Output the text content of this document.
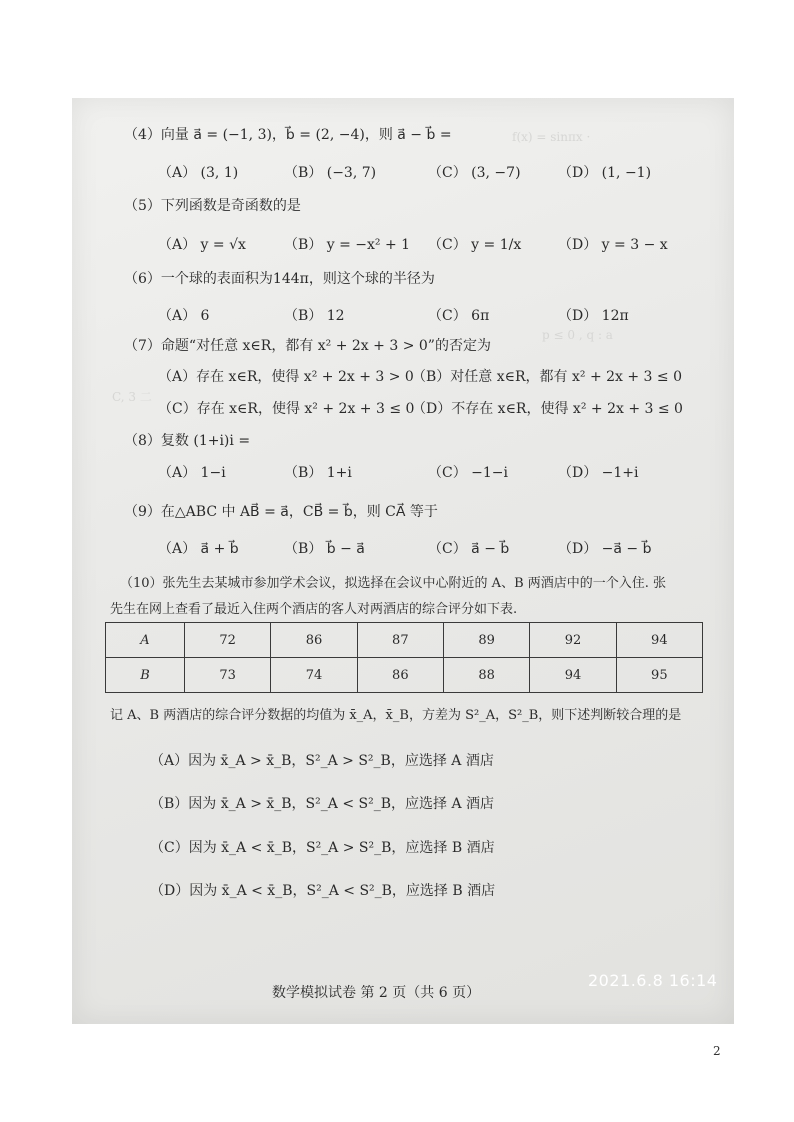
f(x) = sinπx ·
p ≤ 0 , q : a
C, 3 二
（4）向量 a⃗ = (−1, 3)，b⃗ = (2, −4)，则 a⃗ − b⃗ =
（A） (3, 1)	（B） (−3, 7)	（C） (3, −7)	（D） (1, −1)
（5）下列函数是奇函数的是
（A） y = √x	（B） y = −x² + 1 （C） y = 1/x	（D） y = 3 − x
（6）一个球的表面积为144π，则这个球的半径为
（A） 6	（B） 12	（C） 6π	（D） 12π
（7）命题“对任意 x∈R，都有 x² + 2x + 3 > 0”的否定为
（A）存在 x∈R，使得 x² + 2x + 3 > 0
（B）对任意 x∈R，都有 x² + 2x + 3 ≤ 0
（C）存在 x∈R，使得 x² + 2x + 3 ≤ 0
（D）不存在 x∈R，使得 x² + 2x + 3 ≤ 0
（8）复数 (1+i)i =
（A） 1−i	（B） 1+i	（C） −1−i	（D） −1+i
（9）在△ABC 中 AB⃗ = a⃗，CB⃗ = b⃗，则 CA⃗ 等于
（A） a⃗ + b⃗	（B） b⃗ − a⃗	（C） a⃗ − b⃗	（D） −a⃗ − b⃗
（10）张先生去某城市参加学术会议，拟选择在会议中心附近的 A、B 两酒店中的一个入住. 张
先生在网上查看了最近入住两个酒店的客人对两酒店的综合评分如下表.
A	72	86	87	89	92	94
B	73	74	86	88	94	95
记 A、B 两酒店的综合评分数据的均值为 x̄_A，x̄_B，方差为 S²_A，S²_B，则下述判断较合理的是
（A）因为 x̄_A > x̄_B，S²_A > S²_B，应选择 A 酒店
（B）因为 x̄_A > x̄_B，S²_A < S²_B，应选择 A 酒店
（C）因为 x̄_A < x̄_B，S²_A > S²_B，应选择 B 酒店
（D）因为 x̄_A < x̄_B，S²_A < S²_B，应选择 B 酒店
数学模拟试卷 第 2 页（共 6 页）
2021.6.8 16:14
2
